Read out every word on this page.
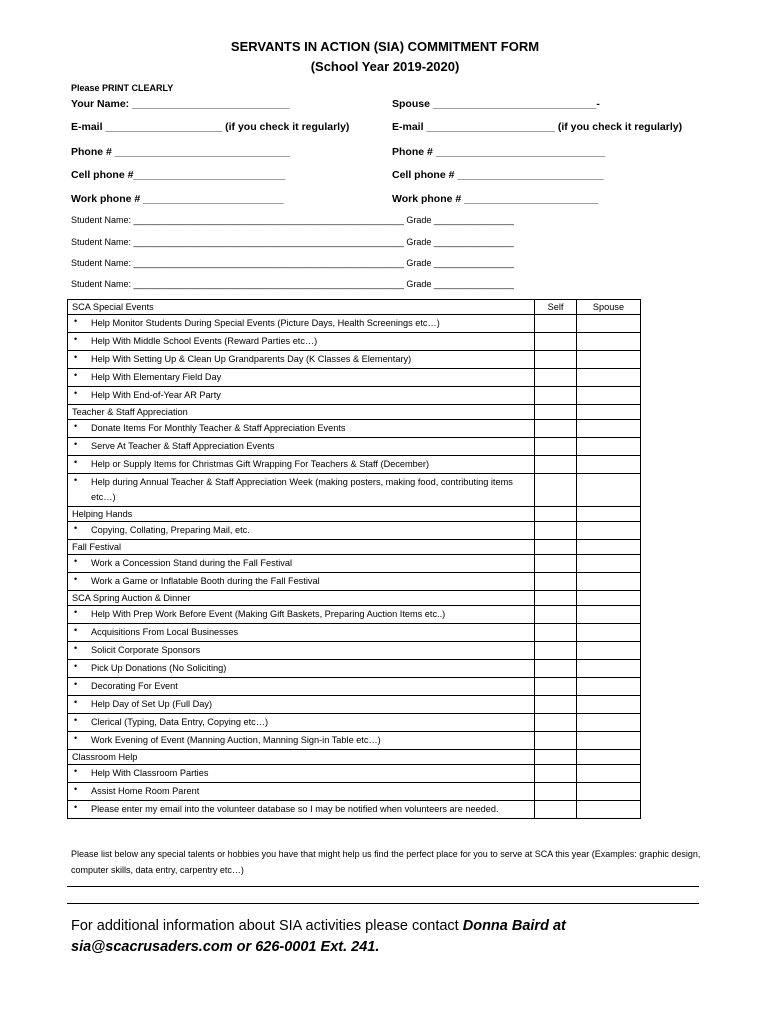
SERVANTS IN ACTION (SIA) COMMITMENT FORM
(School Year 2019-2020)
Please PRINT CLEARLY
Your Name: ___________________________	Spouse ____________________________-
E-mail ____________________ (if you check it regularly)	E-mail ______________________ (if you check it regularly)
Phone # ______________________________	Phone # _____________________________
Cell phone #__________________________	Cell phone # _________________________
Work phone # ________________________	Work phone # _______________________
Student Name: ______________________________________________________ Grade ________________
Student Name: ______________________________________________________ Grade ________________
Student Name: ______________________________________________________ Grade ________________
Student Name: ______________________________________________________ Grade ________________
SCA Special Events	Self	Spouse

• Help Monitor Students During Special Events (Picture Days, Health Screenings etc…)		

• Help With Middle School Events (Reward Parties etc…)		

• Help With Setting Up & Clean Up Grandparents Day (K Classes & Elementary)		

• Help With Elementary Field Day		

• Help With End-of-Year AR Party		

Teacher & Staff Appreciation		

• Donate Items For Monthly Teacher & Staff Appreciation Events		

• Serve At Teacher & Staff Appreciation Events		

• Help or Supply Items for Christmas Gift Wrapping For Teachers & Staff (December)		

• Help during Annual Teacher & Staff Appreciation Week (making posters, making food, contributing items etc…)		

Helping Hands		

• Copying, Collating, Preparing Mail, etc.		

Fall Festival		

• Work a Concession Stand during the Fall Festival		

• Work a Game or Inflatable Booth during the Fall Festival		

SCA Spring Auction & Dinner		

• Help With Prep Work Before Event (Making Gift Baskets, Preparing Auction Items etc..)		

• Acquisitions From Local Businesses		

• Solicit Corporate Sponsors		

• Pick Up Donations (No Soliciting)		

• Decorating For Event		

• Help Day of Set Up (Full Day)		

• Clerical (Typing, Data Entry, Copying etc…)		

• Work Evening of Event (Manning Auction, Manning Sign-in Table etc…)		

Classroom Help		

• Help With Classroom Parties		

• Assist Home Room Parent		

• Please enter my email into the volunteer database so I may be notified when volunteers are needed.		

Please list below any special talents or hobbies you have that might help us find the perfect place for you to serve at SCA this year (Examples: graphic design, computer skills, data entry, carpentry etc…)
For additional information about SIA activities please contact Donna Baird at sia@scacrusaders.com or 626-0001 Ext. 241.
